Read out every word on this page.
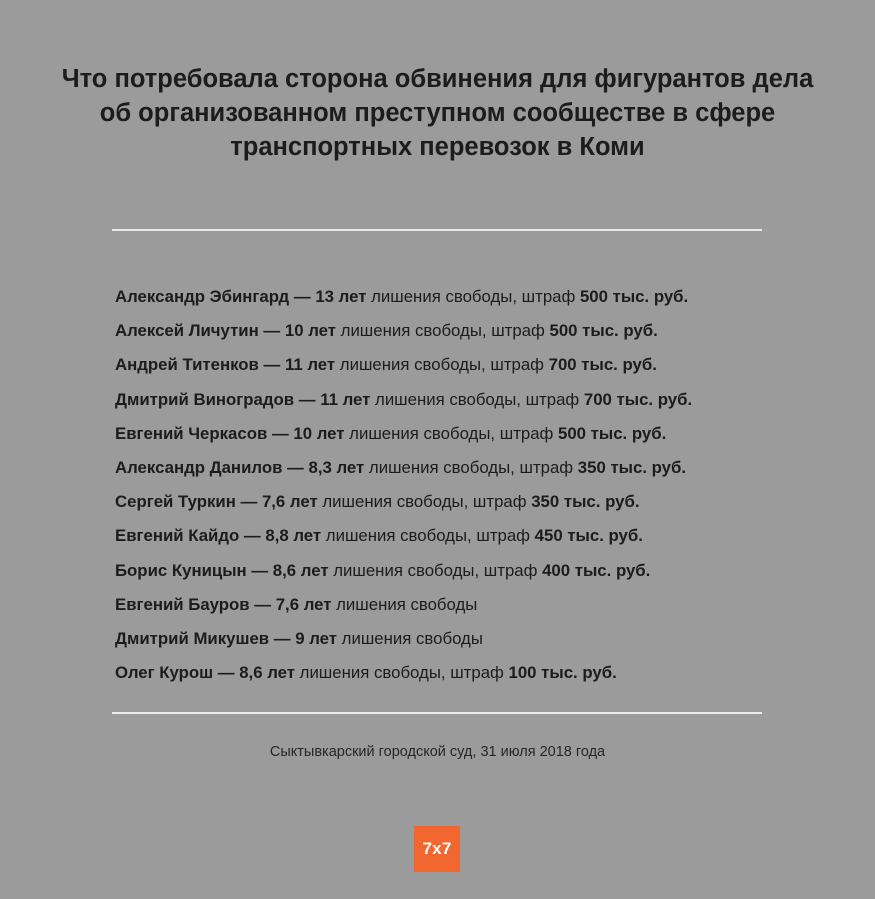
Что потребовала сторона обвинения для фигурантов дела об организованном преступном сообществе в сфере транспортных перевозок в Коми
Александр Эбингард — 13 лет лишения свободы, штраф 500 тыс. руб.
Алексей Личутин — 10 лет лишения свободы, штраф 500 тыс. руб.
Андрей Титенков — 11 лет лишения свободы, штраф 700 тыс. руб.
Дмитрий Виноградов — 11 лет лишения свободы, штраф 700 тыс. руб.
Евгений Черкасов — 10 лет лишения свободы, штраф 500 тыс. руб.
Александр Данилов — 8,3 лет лишения свободы, штраф 350 тыс. руб.
Сергей Туркин — 7,6 лет лишения свободы, штраф 350 тыс. руб.
Евгений Кайдо — 8,8 лет лишения свободы, штраф 450 тыс. руб.
Борис Куницын — 8,6 лет лишения свободы, штраф 400 тыс. руб.
Евгений Бауров — 7,6 лет лишения свободы
Дмитрий Микушев — 9 лет лишения свободы
Олег Курош — 8,6 лет лишения свободы, штраф 100 тыс. руб.
Сыктывкарский городской суд, 31 июля 2018 года
7x7
